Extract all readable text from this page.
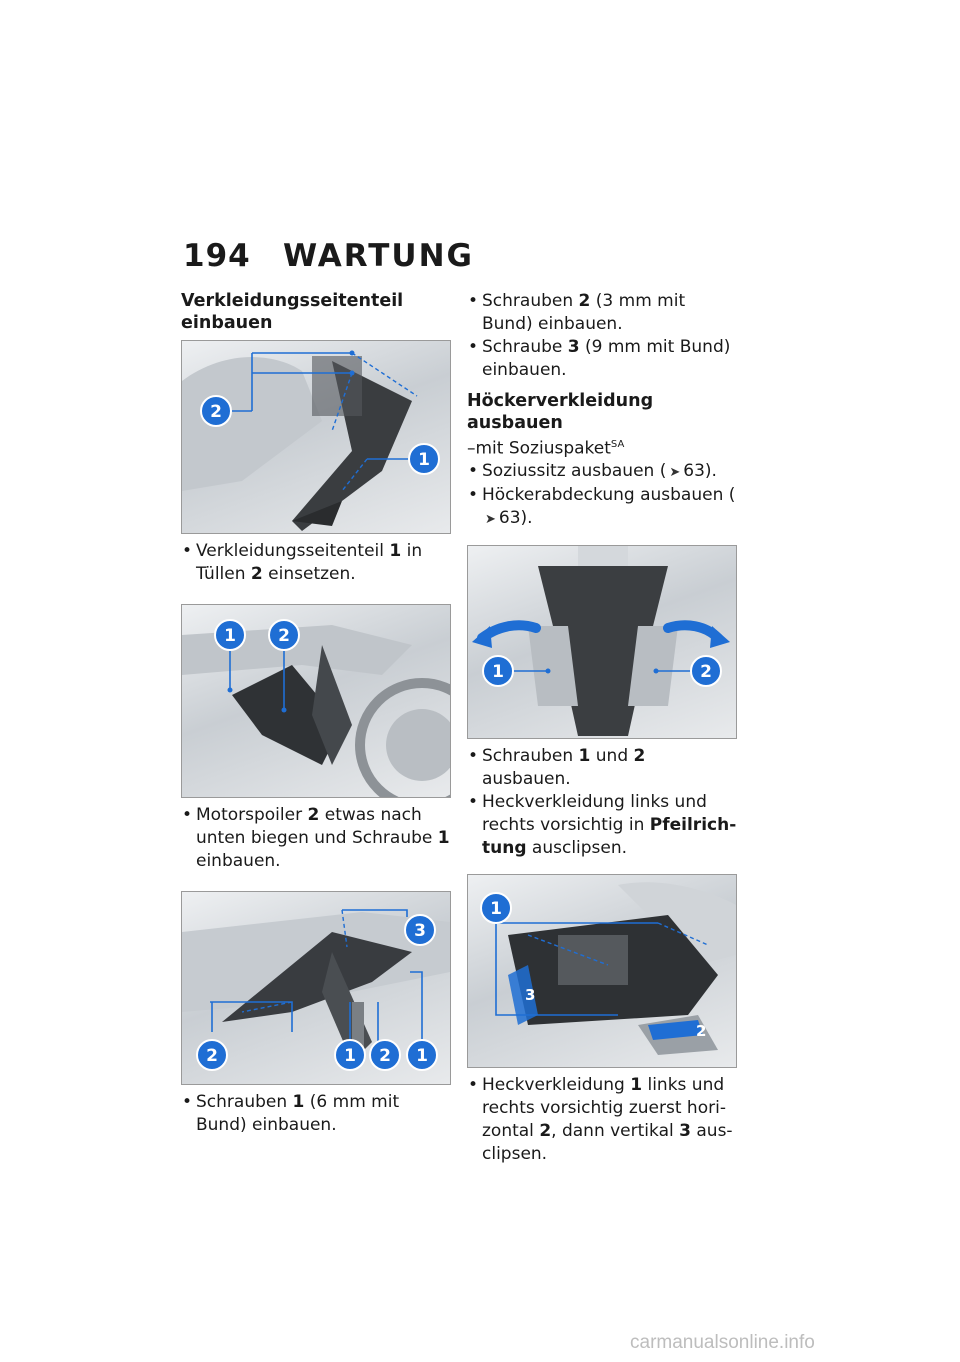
194	WARTUNG
Verkleidungsseitenteil
einbauen
2
1
• Verkleidungsseitenteil 1 in Tüllen 2 einsetzen.
1 2
• Motorspoiler 2 etwas nach unten biegen und Schraube 1 einbauen.
3
2	1 2 1
• Schrauben 1 (6 mm mit Bund) einbauen.
• Schrauben 2 (3 mm mit Bund) einbauen.
• Schraube 3 (9 mm mit Bund) einbauen.
Höckerverkleidung ausbauen
–mit Soziuspaket$^{SA}$
• Soziussitz ausbauen ( ➤ 63).
• Höckerabdeckung ausbauen (➤ 63).
1	2
• Schrauben 1 und 2 ausbauen.
• Heckverkleidung links und rechts vorsichtig in Pfeilrichtung ausclipsen.
1
3
2
• Heckverkleidung 1 links und rechts vorsichtig zuerst horizontal 2, dann vertikal 3 ausclipsen.
carmanualsonline.info
